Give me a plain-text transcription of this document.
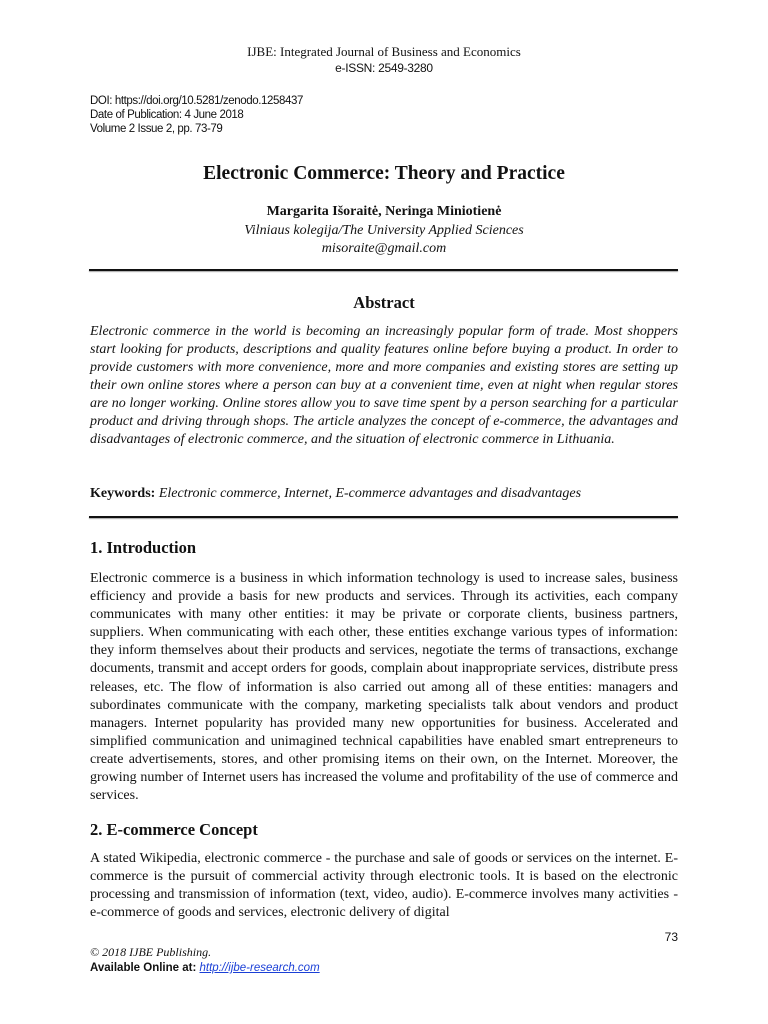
IJBE: Integrated Journal of Business and Economics
e-ISSN: 2549-3280
DOI: https://doi.org/10.5281/zenodo.1258437
Date of Publication: 4 June 2018
Volume 2 Issue 2, pp. 73-79
Electronic Commerce: Theory and Practice
Margarita Išoraitė, Neringa Miniotienė
Vilniaus kolegija/The University Applied Sciences
misoraite@gmail.com
Abstract
Electronic commerce in the world is becoming an increasingly popular form of trade. Most shoppers start looking for products, descriptions and quality features online before buying a product. In order to provide customers with more convenience, more and more companies and existing stores are setting up their own online stores where a person can buy at a convenient time, even at night when regular stores are no longer working. Online stores allow you to save time spent by a person searching for a particular product and driving through shops. The article analyzes the concept of e-commerce, the advantages and disadvantages of electronic commerce, and the situation of electronic commerce in Lithuania.
Keywords: Electronic commerce, Internet, E-commerce advantages and disadvantages
1. Introduction
Electronic commerce is a business in which information technology is used to increase sales, business efficiency and provide a basis for new products and services. Through its activities, each company communicates with many other entities: it may be private or corporate clients, business partners, suppliers. When communicating with each other, these entities exchange various types of information: they inform themselves about their products and services, negotiate the terms of transactions, exchange documents, transmit and accept orders for goods, complain about inappropriate services, distribute press releases, etc. The flow of information is also carried out among all of these entities: managers and subordinates communicate with the company, marketing specialists talk about vendors and product managers. Internet popularity has provided many new opportunities for business. Accelerated and simplified communication and unimagined technical capabilities have enabled smart entrepreneurs to create advertisements, stores, and other promising items on their own, on the Internet. Moreover, the growing number of Internet users has increased the volume and profitability of the use of commerce and services.
2. E-commerce Concept
A stated Wikipedia, electronic commerce - the purchase and sale of goods or services on the internet. E-commerce is the pursuit of commercial activity through electronic tools. It is based on the electronic processing and transmission of information (text, video, audio). E-commerce involves many activities - e-commerce of goods and services, electronic delivery of digital
73
© 2018 IJBE Publishing.
Available Online at: http://ijbe-research.com
